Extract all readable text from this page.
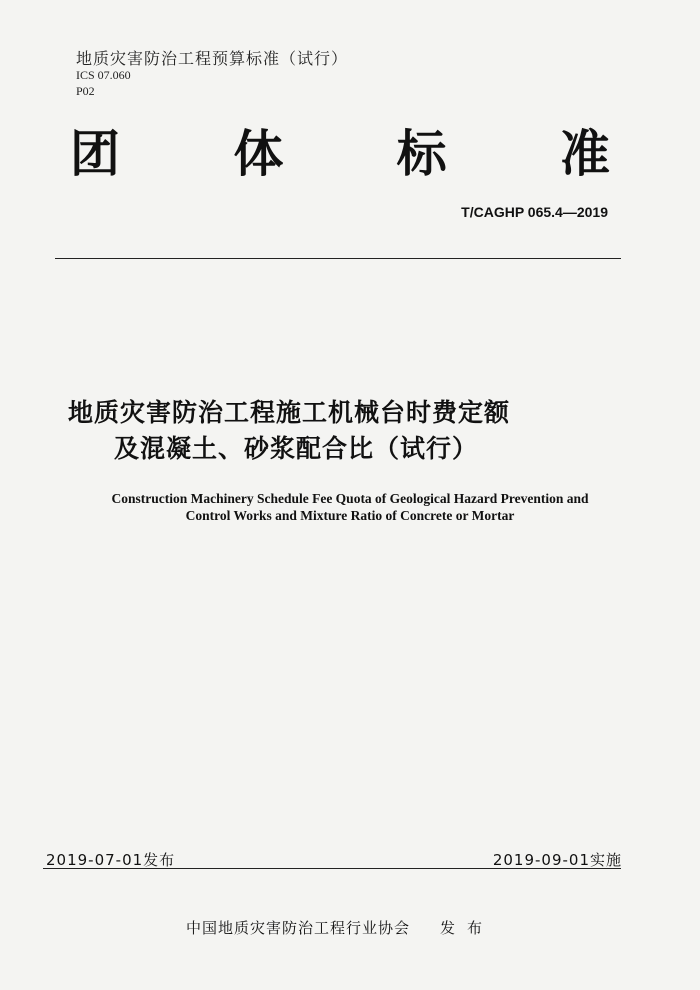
地质灾害防治工程预算标准（试行）
ICS 07.060
P02
团 体 标 准
T/CAGHP 065.4—2019
地质灾害防治工程施工机械台时费定额
及混凝土、砂浆配合比（试行）
Construction Machinery Schedule Fee Quota of Geological Hazard Prevention and
Control Works and Mixture Ratio of Concrete or Mortar
2019-07-01发布	2019-09-01实施
中国地质灾害防治工程行业协会 发布
